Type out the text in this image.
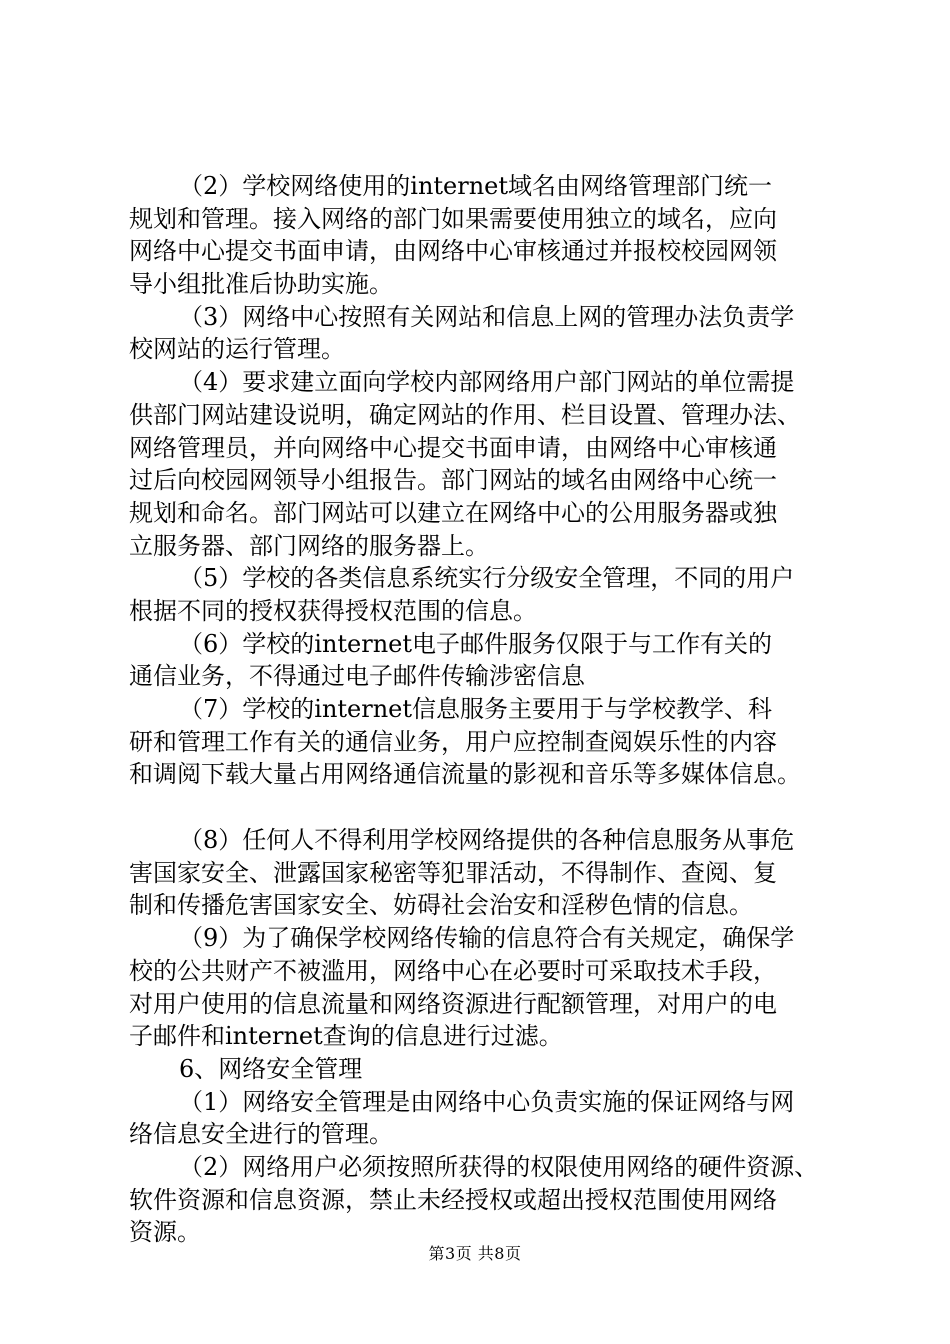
（2）学校网络使用的internet域名由网络管理部门统一
规划和管理。接入网络的部门如果需要使用独立的域名，应向
网络中心提交书面申请，由网络中心审核通过并报校校园网领
导小组批准后协助实施。
（3）网络中心按照有关网站和信息上网的管理办法负责学
校网站的运行管理。
（4）要求建立面向学校内部网络用户部门网站的单位需提
供部门网站建设说明，确定网站的作用、栏目设置、管理办法、
网络管理员，并向网络中心提交书面申请，由网络中心审核通
过后向校园网领导小组报告。部门网站的域名由网络中心统一
规划和命名。部门网站可以建立在网络中心的公用服务器或独
立服务器、部门网络的服务器上。
（5）学校的各类信息系统实行分级安全管理，不同的用户
根据不同的授权获得授权范围的信息。
（6）学校的internet电子邮件服务仅限于与工作有关的
通信业务，不得通过电子邮件传输涉密信息
（7）学校的internet信息服务主要用于与学校教学、科
研和管理工作有关的通信业务，用户应控制查阅娱乐性的内容
和调阅下载大量占用网络通信流量的影视和音乐等多媒体信息。
（8）任何人不得利用学校网络提供的各种信息服务从事危
害国家安全、泄露国家秘密等犯罪活动，不得制作、查阅、复
制和传播危害国家安全、妨碍社会治安和淫秽色情的信息。
（9）为了确保学校网络传输的信息符合有关规定，确保学
校的公共财产不被滥用，网络中心在必要时可采取技术手段，
对用户使用的信息流量和网络资源进行配额管理，对用户的电
子邮件和internet查询的信息进行过滤。
6、网络安全管理
（1）网络安全管理是由网络中心负责实施的保证网络与网
络信息安全进行的管理。
（2）网络用户必须按照所获得的权限使用网络的硬件资源、
软件资源和信息资源，禁止未经授权或超出授权范围使用网络
资源。
第3页 共8页
